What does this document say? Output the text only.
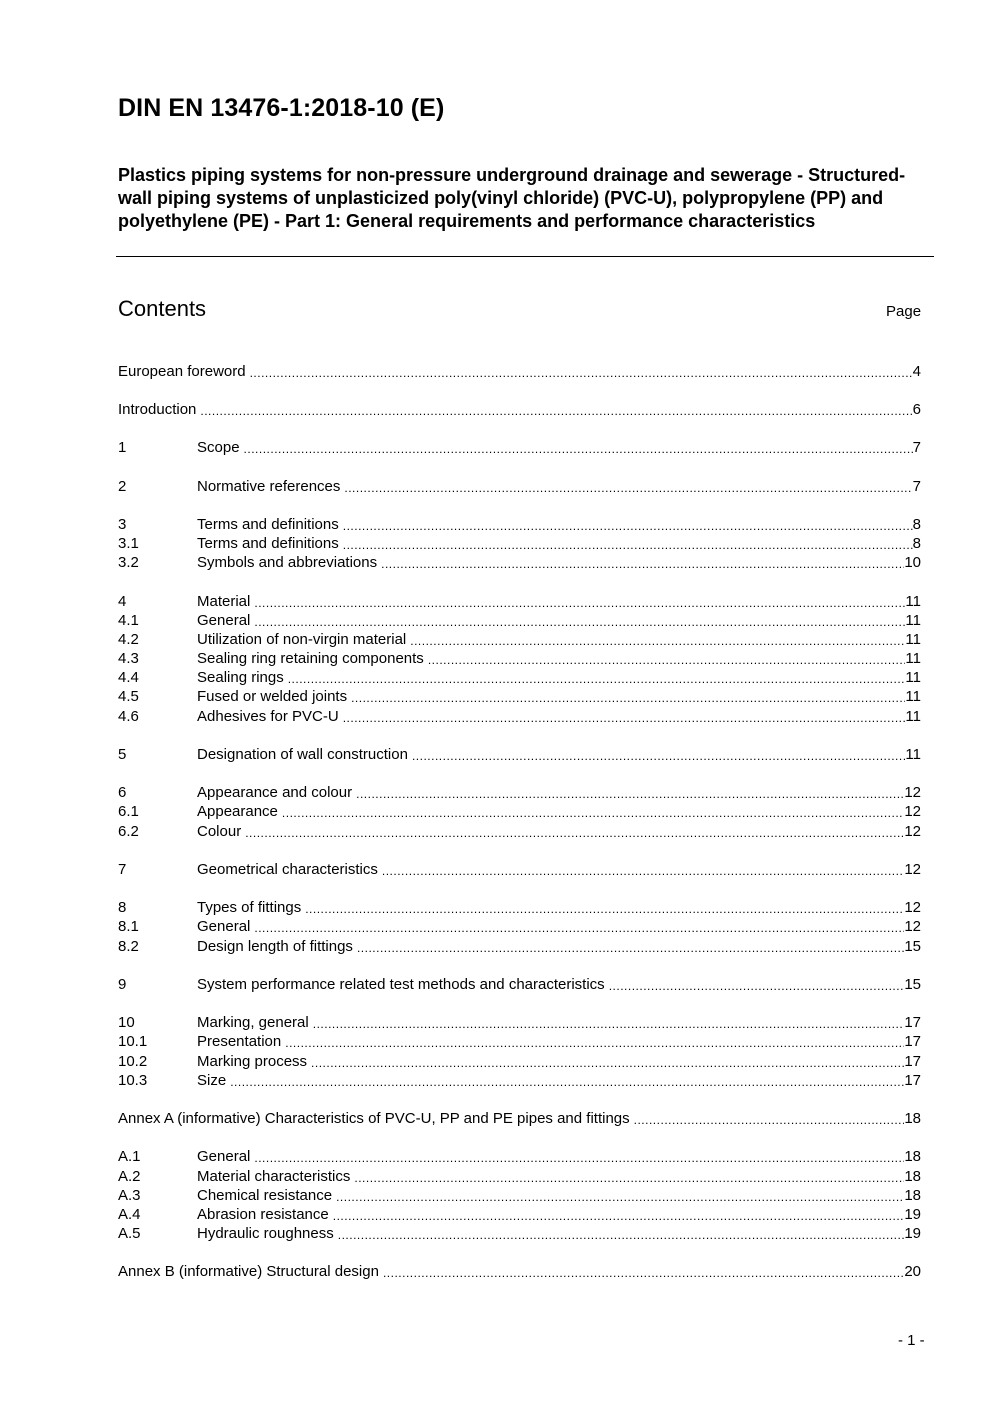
DIN EN 13476-1:2018-10 (E)
Plastics piping systems for non-pressure underground drainage and sewerage - Structured-wall piping systems of unplasticized poly(vinyl chloride) (PVC-U), polypropylene (PP) and polyethylene (PE) - Part 1: General requirements and performance characteristics
Contents	Page
European foreword .....	4
Introduction .....	6
1	Scope .....	7
2	Normative references .....	7
3	Terms and definitions .....	8
3.1	Terms and definitions .....	8
3.2	Symbols and abbreviations .....	10
4	Material .....	11
4.1	General .....	11
4.2	Utilization of non-virgin material .....	11
4.3	Sealing ring retaining components .....	11
4.4	Sealing rings .....	11
4.5	Fused or welded joints .....	11
4.6	Adhesives for PVC-U .....	11
5	Designation of wall construction .....	11
6	Appearance and colour .....	12
6.1	Appearance .....	12
6.2	Colour .....	12
7	Geometrical characteristics .....	12
8	Types of fittings .....	12
8.1	General .....	12
8.2	Design length of fittings .....	15
9	System performance related test methods and characteristics .....	15
10	Marking, general .....	17
10.1	Presentation .....	17
10.2	Marking process .....	17
10.3	Size .....	17
Annex A (informative) Characteristics of PVC-U, PP and PE pipes and fittings .....	18
A.1	General .....	18
A.2	Material characteristics .....	18
A.3	Chemical resistance .....	18
A.4	Abrasion resistance .....	19
A.5	Hydraulic roughness .....	19
Annex B (informative) Structural design .....	20
- 1 -
